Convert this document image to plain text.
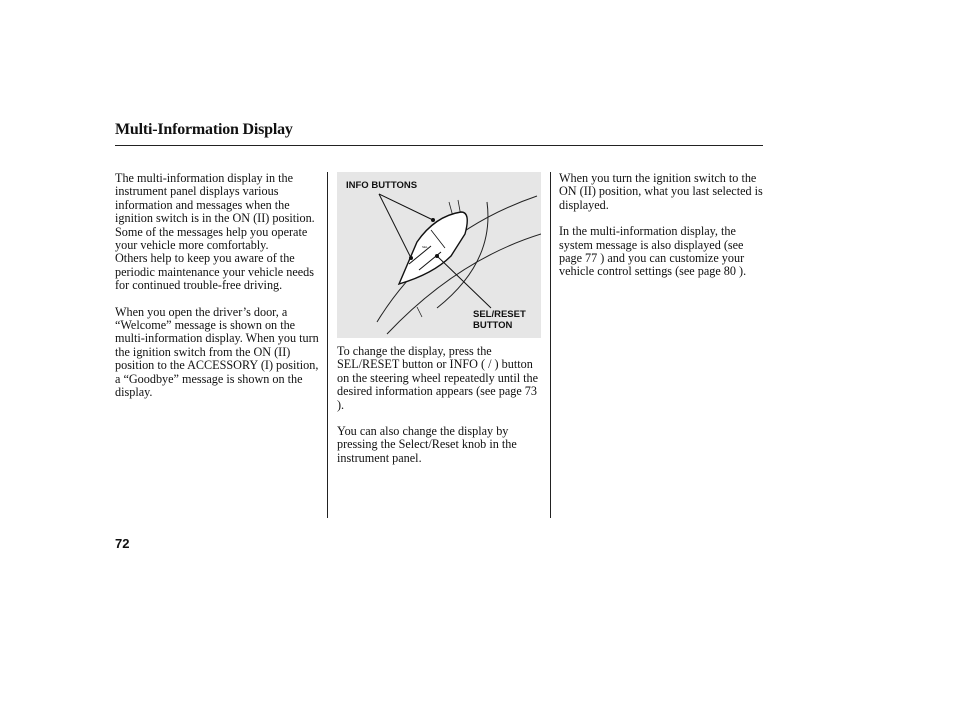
Multi-Information Display

The multi-information display in the instrument panel displays various information and messages when the ignition switch is in the ON (II) position. Some of the messages help you operate your vehicle more comfortably.

Others help to keep you aware of the periodic maintenance your vehicle needs for continued trouble-free driving.

When you open the driver’s door, a “Welcome” message is shown on the multi-information display. When you turn the ignition switch from the ON (II) position to the ACCESSORY (I) position, a “Goodbye” message is shown on the display.

SEL
INFO BUTTONS
SEL/RESET
BUTTON

To change the display, press the SEL/RESET button or INFO ( / ) button on the steering wheel repeatedly until the desired information appears (see page 73 ).

You can also change the display by pressing the Select/Reset knob in the instrument panel.

When you turn the ignition switch to the ON (II) position, what you last selected is displayed.

In the multi-information display, the system message is also displayed (see page 77 ) and you can customize your vehicle control settings (see page 80 ).

72
